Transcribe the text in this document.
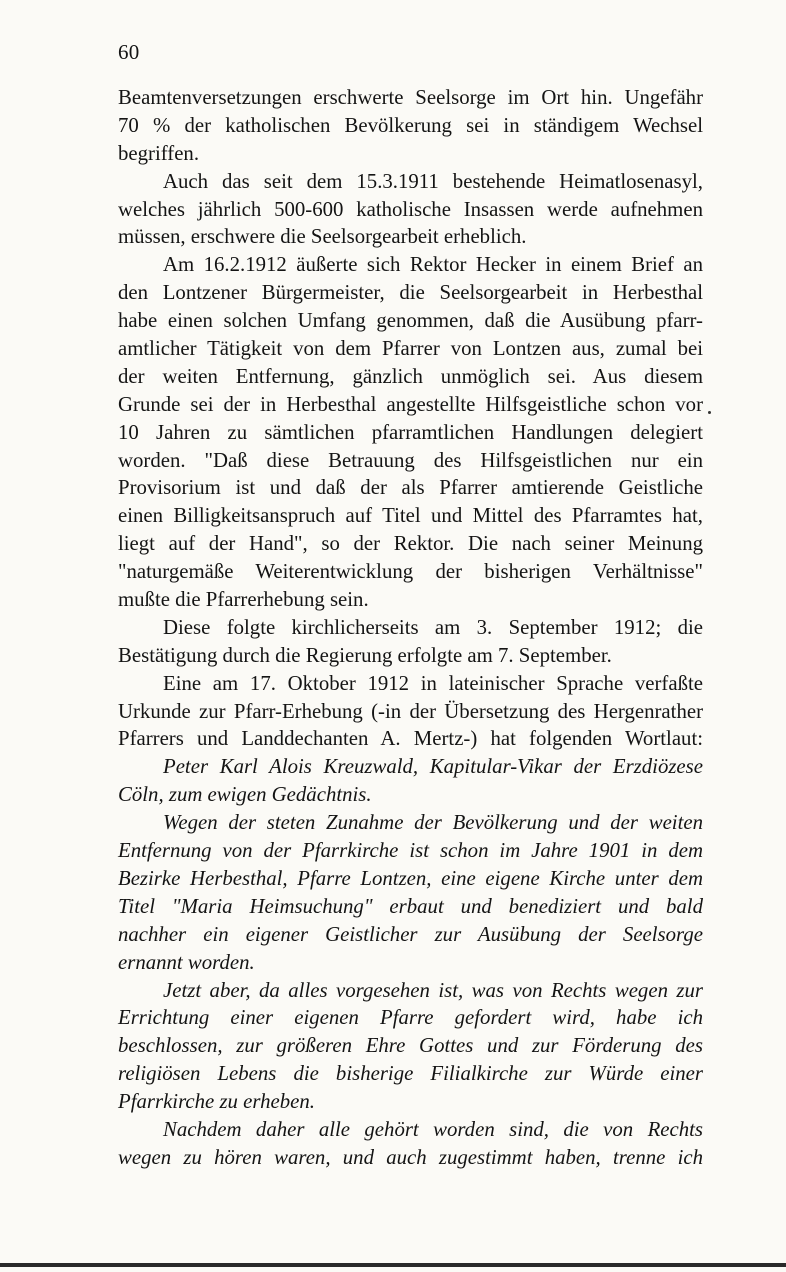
60
Beamtenversetzungen erschwerte Seelsorge im Ort hin. Ungefähr
70 % der katholischen Bevölkerung sei in ständigem Wechsel
begriffen.
Auch das seit dem 15.3.1911 bestehende Heimatlosenasyl,
welches jährlich 500-600 katholische Insassen werde aufnehmen
müssen, erschwere die Seelsorgearbeit erheblich.
Am 16.2.1912 äußerte sich Rektor Hecker in einem Brief an
den Lontzener Bürgermeister, die Seelsorgearbeit in Herbesthal
habe einen solchen Umfang genommen, daß die Ausübung pfarr-
amtlicher Tätigkeit von dem Pfarrer von Lontzen aus, zumal bei
der weiten Entfernung, gänzlich unmöglich sei. Aus diesem
Grunde sei der in Herbesthal angestellte Hilfsgeistliche schon vor
10 Jahren zu sämtlichen pfarramtlichen Handlungen delegiert
worden. "Daß diese Betrauung des Hilfsgeistlichen nur ein
Provisorium ist und daß der als Pfarrer amtierende Geistliche
einen Billigkeitsanspruch auf Titel und Mittel des Pfarramtes hat,
liegt auf der Hand", so der Rektor. Die nach seiner Meinung
"naturgemäße Weiterentwicklung der bisherigen Verhältnisse"
mußte die Pfarrerhebung sein.
Diese folgte kirchlicherseits am 3. September 1912; die
Bestätigung durch die Regierung erfolgte am 7. September.
Eine am 17. Oktober 1912 in lateinischer Sprache verfaßte
Urkunde zur Pfarr-Erhebung (-in der Übersetzung des Hergenrather
Pfarrers und Landdechanten A. Mertz-) hat folgenden Wortlaut:
Peter Karl Alois Kreuzwald, Kapitular-Vikar der Erzdiözese
Cöln, zum ewigen Gedächtnis.
Wegen der steten Zunahme der Bevölkerung und der weiten
Entfernung von der Pfarrkirche ist schon im Jahre 1901 in dem
Bezirke Herbesthal, Pfarre Lontzen, eine eigene Kirche unter dem
Titel "Maria Heimsuchung" erbaut und benediziert und bald
nachher ein eigener Geistlicher zur Ausübung der Seelsorge
ernannt worden.
Jetzt aber, da alles vorgesehen ist, was von Rechts wegen zur
Errichtung einer eigenen Pfarre gefordert wird, habe ich
beschlossen, zur größeren Ehre Gottes und zur Förderung des
religiösen Lebens die bisherige Filialkirche zur Würde einer
Pfarrkirche zu erheben.
Nachdem daher alle gehört worden sind, die von Rechts
wegen zu hören waren, und auch zugestimmt haben, trenne ich
